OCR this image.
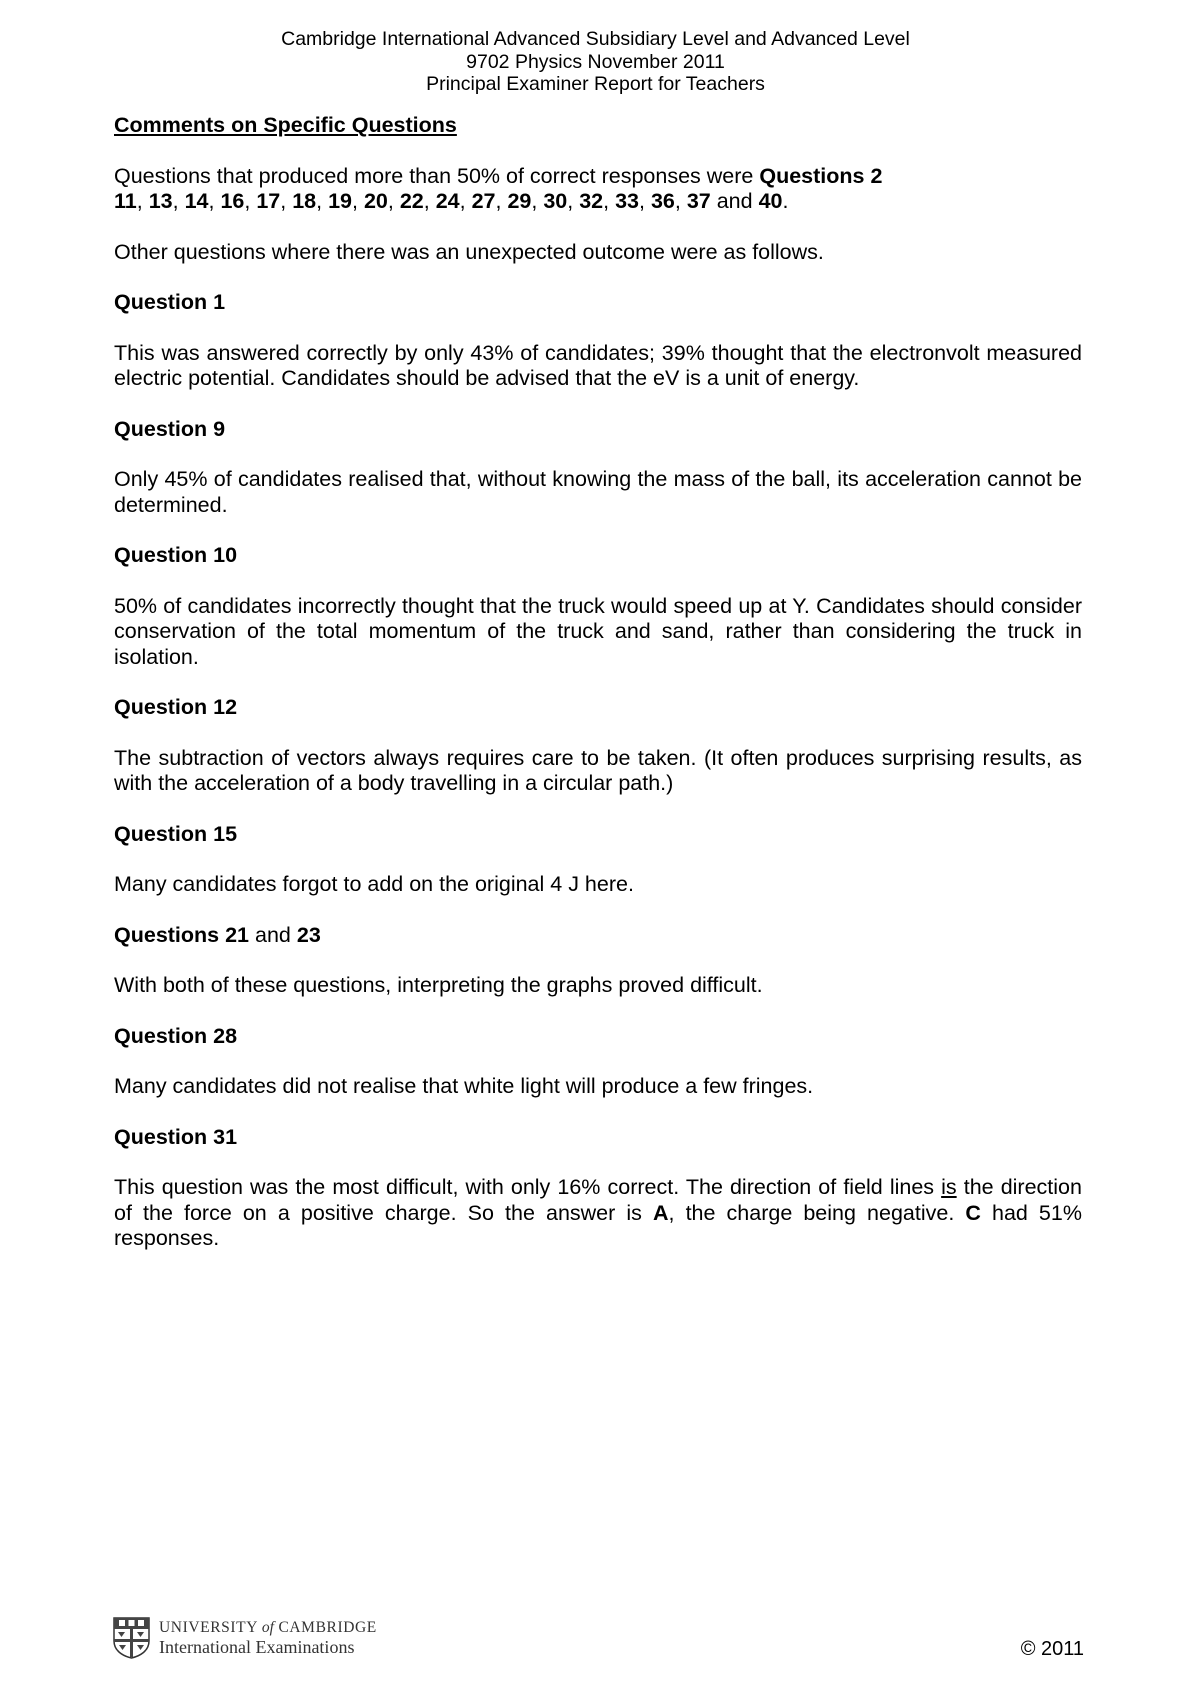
Cambridge International Advanced Subsidiary Level and Advanced Level
9702 Physics November 2011
Principal Examiner Report for Teachers

Comments on Specific Questions

Questions that produced more than 50% of correct responses were Questions 2
11, 13, 14, 16, 17, 18, 19, 20, 22, 24, 27, 29, 30, 32, 33, 36, 37 and 40.

Other questions where there was an unexpected outcome were as follows.

Question 1

This was answered correctly by only 43% of candidates; 39% thought that the electronvolt measured electric potential. Candidates should be advised that the eV is a unit of energy.

Question 9

Only 45% of candidates realised that, without knowing the mass of the ball, its acceleration cannot be determined.

Question 10

50% of candidates incorrectly thought that the truck would speed up at Y. Candidates should consider conservation of the total momentum of the truck and sand, rather than considering the truck in isolation.

Question 12

The subtraction of vectors always requires care to be taken. (It often produces surprising results, as with the acceleration of a body travelling in a circular path.)

Question 15

Many candidates forgot to add on the original 4 J here.

Questions 21 and 23

With both of these questions, interpreting the graphs proved difficult.

Question 28

Many candidates did not realise that white light will produce a few fringes.

Question 31

This question was the most difficult, with only 16% correct. The direction of field lines is the direction of the force on a positive charge. So the answer is A, the charge being negative. C had 51% responses.

UNIVERSITY of CAMBRIDGE
International Examinations	© 2011
